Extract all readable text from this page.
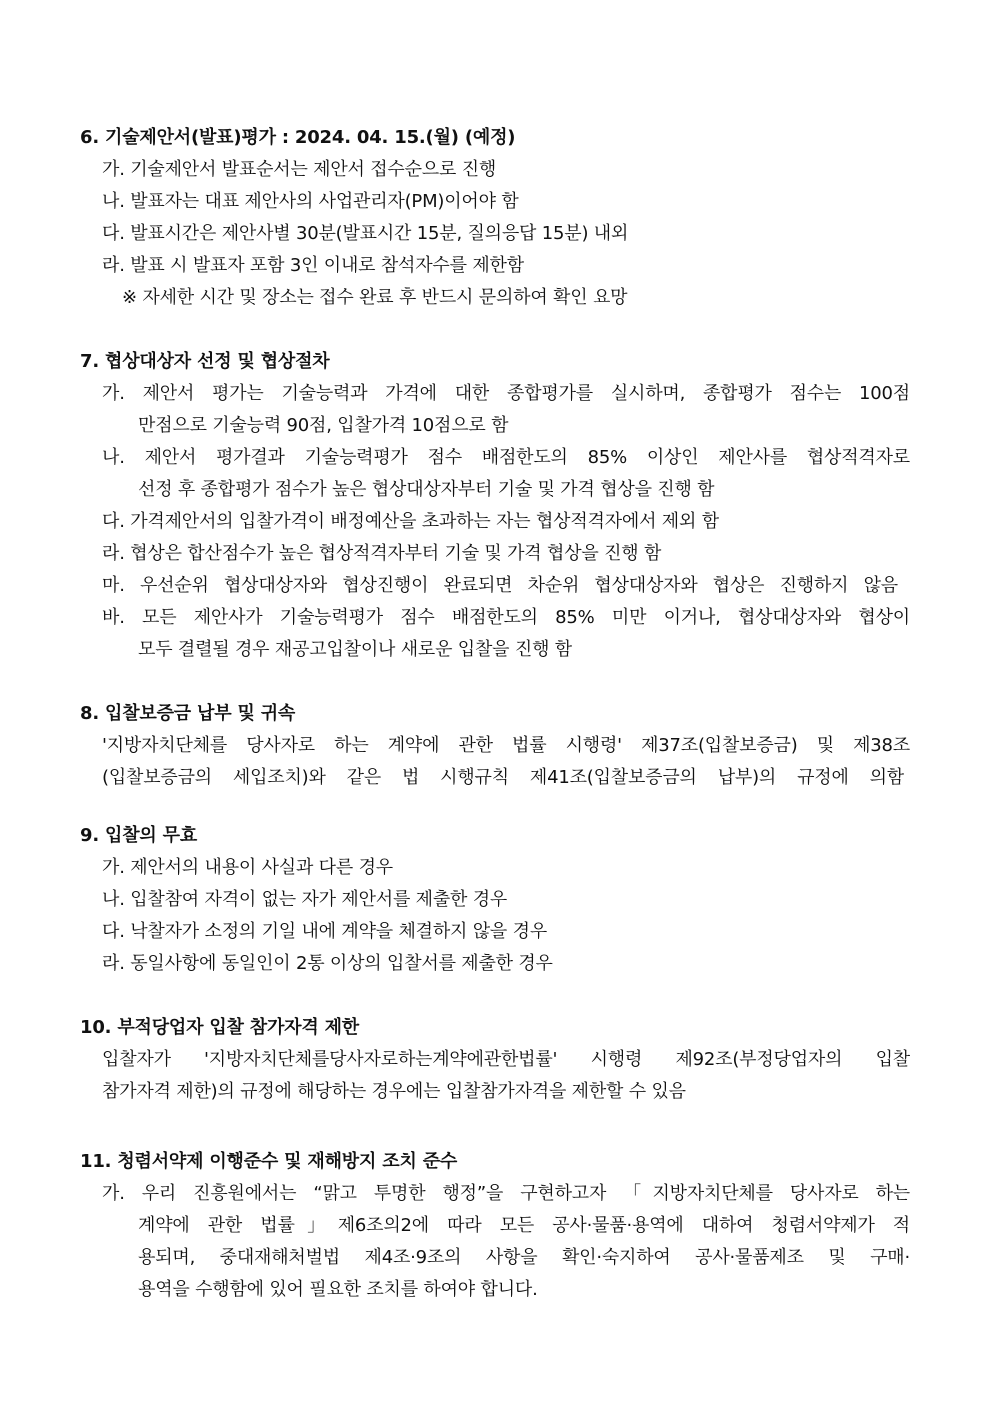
6. 기술제안서(발표)평가 : 2024. 04. 15.(월) (예정)
가. 기술제안서 발표순서는 제안서 접수순으로 진행
나. 발표자는 대표 제안사의 사업관리자(PM)이어야 함
다. 발표시간은 제안사별 30분(발표시간 15분, 질의응답 15분) 내외
라. 발표 시 발표자 포함 3인 이내로 참석자수를 제한함
※ 자세한 시간 및 장소는 접수 완료 후 반드시 문의하여 확인 요망
7. 협상대상자 선정 및 협상절차
가. 제안서 평가는 기술능력과 가격에 대한 종합평가를 실시하며, 종합평가 점수는 100점
만점으로 기술능력 90점, 입찰가격 10점으로 함
나. 제안서 평가결과 기술능력평가 점수 배점한도의 85% 이상인 제안사를 협상적격자로
선정 후 종합평가 점수가 높은 협상대상자부터 기술 및 가격 협상을 진행 함
다. 가격제안서의 입찰가격이 배정예산을 초과하는 자는 협상적격자에서 제외 함
라. 협상은 합산점수가 높은 협상적격자부터 기술 및 가격 협상을 진행 함
마. 우선순위 협상대상자와 협상진행이 완료되면 차순위 협상대상자와 협상은 진행하지 않음
바. 모든 제안사가 기술능력평가 점수 배점한도의 85% 미만 이거나, 협상대상자와 협상이
모두 결렬될 경우 재공고입찰이나 새로운 입찰을 진행 함
8. 입찰보증금 납부 및 귀속
'지방자치단체를 당사자로 하는 계약에 관한 법률 시행령' 제37조(입찰보증금) 및 제38조
(입찰보증금의 세입조치)와 같은 법 시행규칙 제41조(입찰보증금의 납부)의 규정에 의함
9. 입찰의 무효
가. 제안서의 내용이 사실과 다른 경우
나. 입찰참여 자격이 없는 자가 제안서를 제출한 경우
다. 낙찰자가 소정의 기일 내에 계약을 체결하지 않을 경우
라. 동일사항에 동일인이 2통 이상의 입찰서를 제출한 경우
10. 부적당업자 입찰 참가자격 제한
입찰자가 '지방자치단체를당사자로하는계약에관한법률' 시행령 제92조(부정당업자의 입찰
참가자격 제한)의 규정에 해당하는 경우에는 입찰참가자격을 제한할 수 있음
11. 청렴서약제 이행준수 및 재해방지 조치 준수
가. 우리 진흥원에서는 “맑고 투명한 행정”을 구현하고자 「지방자치단체를 당사자로 하는
계약에 관한 법률」제6조의2에 따라 모든 공사·물품·용역에 대하여 청렴서약제가 적
용되며, 중대재해처벌법 제4조·9조의 사항을 확인·숙지하여 공사·물품제조 및 구매·
용역을 수행함에 있어 필요한 조치를 하여야 합니다.
